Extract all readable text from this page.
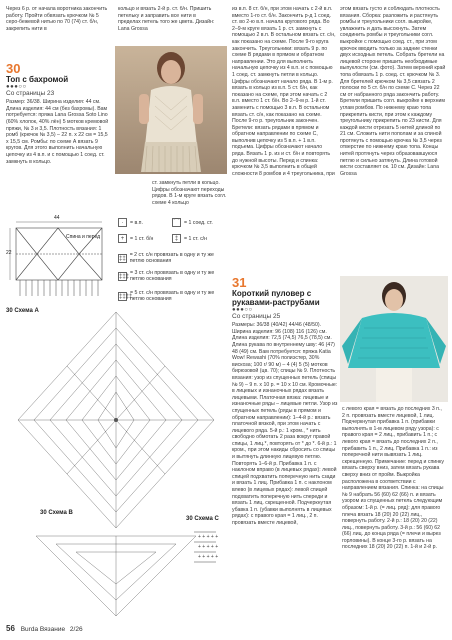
Через 6 р. от начала воротника закончить работу. Пройти обвязать крючком № 5 серо-бежевой нитью по 70 (74) ст. б/н, закрепить нити в

кольцо и вязать 2-й р. ст. б/н. Пришить петельку и заправить все нити в пределах петель того же цвета. Дизайн: Lana Grossa

30
Топ с бахромой
●●●○○
Со страницы 23

Размер: 36/38. Ширина изделия: 44 см. Длина изделия: 44 см (без бахромы). Вам потребуется: пряжа Lana Grossa Soto Lino (60% хлопок, 40% лён) 5 мотков кремовой пряжи, № 3 и 3,5. Плотность вязания: 1 ромб (крючок № 3,5) – 22 п. х 22 см = 15,5 х 15,5 см. Ромбы: по схеме А вязать 9 кругов. Для этого выполнить начальную цепочку из 4 в.п. и с помощью 1 соед. ст. замкнуть в кольцо.

ст. замкнуть петли в кольцо. Цифры обозначают переходы рядов. В 1-м круге вязать согл. схеме 4 кольцо

из в.п. 8 ст. б/н, при этом начать с 2-й в.п. вместо 1-го ст. б/н. Закончить р-д 1 соед. ст. во 2-ю в.п. начала кругового ряда. Во 2–9-м круге вязать 1 р. ст. замкнуть с помощью 2 в.п. В остальном вязать ст. с/н, как показано на схеме. После 9-го круга закончить. Треугольники: вязать 9 р. по схеме В рядами в прямом и обратном направлении. Это для выполнить начальную цепочку из 4 в.п. и с помощью 1 соед. ст. замкнуть петли в кольцо. Цифры обозначают начало ряда. В 1-м р. вязать в кольцо из в.п. 5 ст. б/н, как показано на схеме, при этом начать с 2 в.п. вместо 1 ст. б/н. Во 2–9-м р. 1-й ст. заменить с помощью 3 в.п. В остальном вязать ст. с/н, как показано на схеме. После 9-го р. треугольник закончен. Бретели: вязать рядами в прямом и обратном направлении по схеме С, выполнив цепочку из 5 в.п. + 1 в.п. подъема. Цифры обозначают начало ряда. Вязать 1 р. из и ст. б/н и повторять до нужной высоты. Перед и спинка: крючком № 3,5 выполнить в общей сложности 8 ромбов и 4 треугольника, при

этом вязать густо и соблюдать плотность вязания. Сборка: разложить и растянуть ромбы и треугольники согл. выкройке, увлажнить и дать высохнуть. Затем соединить ромбы и треугольники согл. выкройке с помощью соед. ст., при этом крючок вводить только за задние стенки двух исходных петель. Собрать бретели на лицевой стороне пришить необходимые выпуклости (см. фото). Затем верхний край топа обвязать 1 р. соед. ст. крючком № 3. Для бретелей крючком № 3,5 связать 2 полоски по 5 ст. б/н по схеме С. Через 22 см от набранного ряда закончить работу. Бретели пришить согл. выкройке к верхним углам ромбов. По нижнему краю топа прикрепить кисти, при этом к каждому треугольнику прикрепить по 23 кисти. Для каждой кисти отрезать 5 нитей длиной по 21 см. Сложить нити пополам и за спиной протянуть с помощью крючка № 3,5 через отверстие по нижнему краю топа. Концы нитей протянуть через образовавшуюся петлю и сильно затянуть. Длина готовой кисти составляет ок. 10 см. Дизайн: Lana Grossa

Спина и перед
44
22
·	= в.п.
+	= 1 ст. б/н
⌒ = 1 соед. ст.
‡	= 1 ст. с/н
‡‡
= 2 ст. с/н провязать в одну и ту же петлю основания
‡‡‡
= 3 ст. с/н провязать в одну и ту же петлю основания
‡‡‡‡
= 5 ст. с/н провязать в одну и ту же петлю основания
30 Схема А
30 Схема В
30 Схема С
+ + + + +
+ + + + +
+ + + + +
31
Короткий пуловер с рукавами-раструбами
●●●○○
Со страницы 25

Размеры: 36/38 (40/42) 44/46 (48/50). Ширина изделия: 96 (108) 116 (126) см. Длина изделия: 72,5 (74,5) 76,5 (78,5) см. Длина рукава по внутреннему шву: 46 (47) 48 (49) см. Вам потребуется: пряжа Katia Wow! Rewashi (70% полиэстер, 30% вискоза; 100 г/ 90 м) – 4 (4) 5 (5) мотков бирюзовой (цв. 70); спицы № 9. Плотность вязания: узор из спущенных петель (спицы № 9) – 9 п. х 10 р. = 10 х 10 см. Кромочные: в лицевых и изнаночных рядах вязать лицевыми. Платочная вязка: лицевые и изнаночные ряды – лицевые петли. Узор из спущенных петель (ряды в прямом и обратном направлении): 1–4-й р.: вязать платочной вязкой, при этом начать с лицевого ряда. 5-й р.: 1 кром., * нить свободно обмотать 2 раза вокруг правой спицы, 1 лиц.*, повторять от * до *. 6-й р.: 1 кром., при этом накиды сбросить со спицы и вытянуть длинную лицевую петлю. Повторять 1–6-й р. Прибавка 1 п. с наклоном вправо (в лицевых рядах): левой спицей подхватить поперечную нить сзади и вязать 1 лиц. Прибавка 1 п. с наклоном влево (в лицевых рядах): левой спицей подхватить поперечную нить спереди и вязать 1 лиц. скрещенной. Подчеркнутая убавка 1 п. (убавки выполнять в лицевых рядах): с правого края = 1 лиц., 2 п. провязать вместе лицевой,

с левого края = вязать до последних 3 п., 2 п. провязать вместе лицевой, 1 лиц. Подчеркнутая прибавка 1 п. (прибавки выполнять в 1-м лицевом ряду узора): с правого края = 2 лиц., прибавить 1 п.; с левого края = вязать до последних 2 п., прибавить 1 п., 2 лиц. Прибавка 1 п.: из поперечной нити вывязать 1 лиц. скрещенную. Примечание: перед и спинку вязать сверху вниз, затем вязать рукава сверху вниз от пройм. Выкройка расположена в соответствии с направлением вязания. Спинка: на спицы № 9 набрать 56 (60) 62 (66) п. и вязать узором из спущенных петель следующим образом: 1-й р. (= лиц. ряд): для правого плеча вязать 18 (20) 20 (22) лиц., повернуть работу. 2-й р.: 18 (20) 20 (22) лиц., повернуть работу. 3-й р.: 56 (60) 62 (66) лиц. до конца ряда (= плечи и вырез горловины). В конце 3-го р. вязать на последних 18 (20) 20 (22) п. 1-й и 2-й р.

56 Burda Вязание 2/26
